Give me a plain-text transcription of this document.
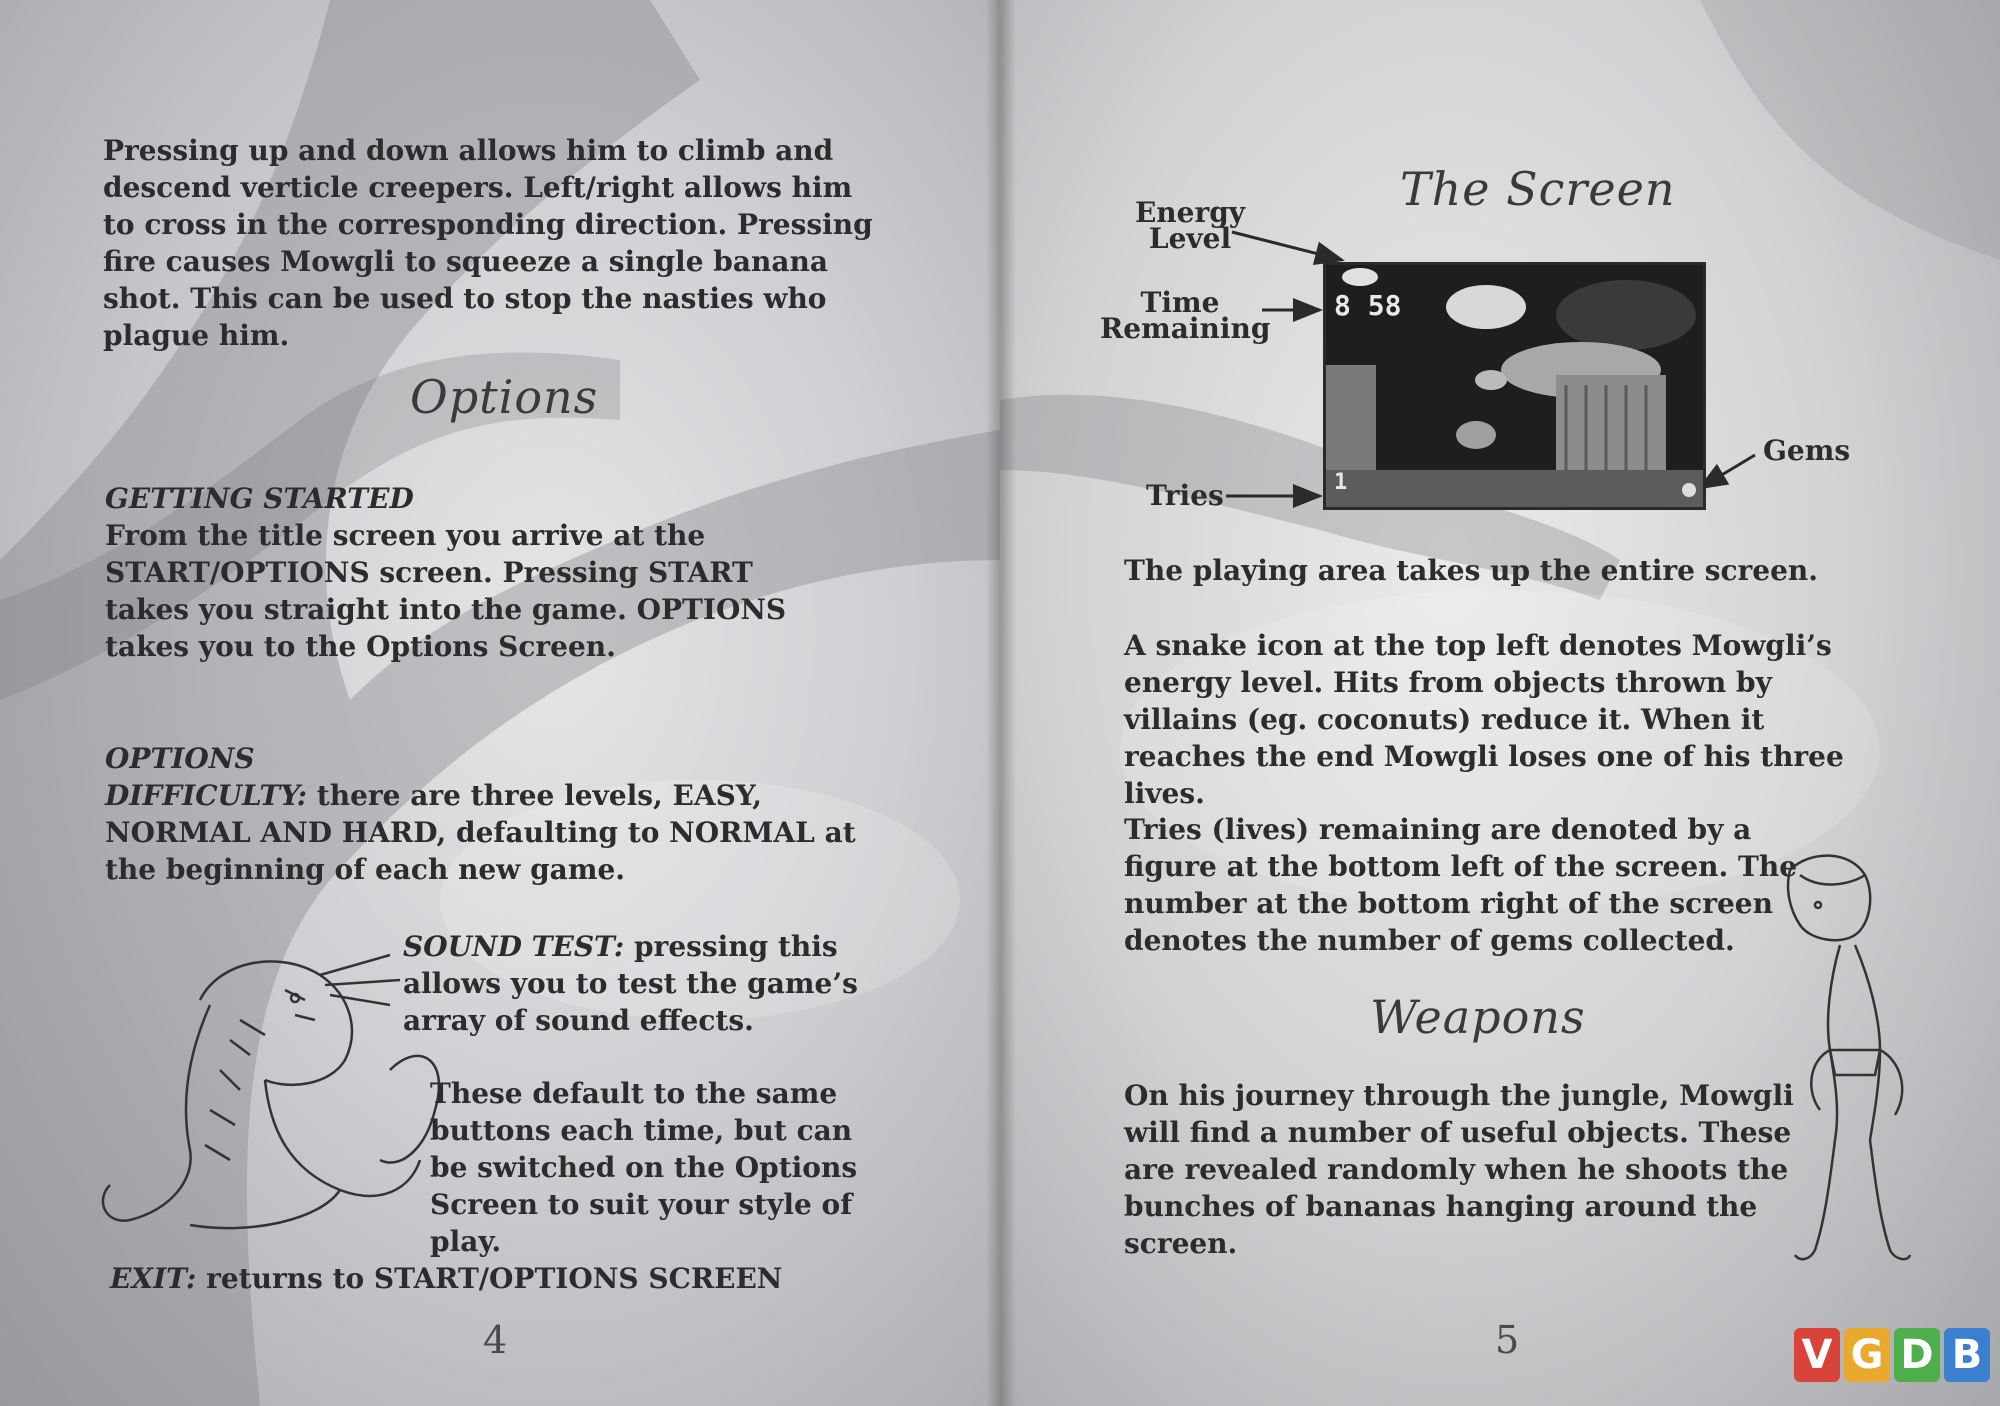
Pressing up and down allows him to climb and descend verticle creepers. Left/right allows him to cross in the corresponding direction. Pressing fire causes Mowgli to squeeze a single banana shot. This can be used to stop the nasties who plague him.

Options
GETTING STARTED
From the title screen you arrive at the START/OPTIONS screen. Pressing START takes you straight into the game. OPTIONS takes you to the Options Screen.
OPTIONS
DIFFICULTY: there are three levels, EASY, NORMAL AND HARD, defaulting to NORMAL at the beginning of each new game.
SOUND TEST: pressing this allows you to test the game’s array of sound effects.

These default to the same buttons each time, but can be switched on the Options Screen to suit your style of play.

EXIT: returns to START/OPTIONS SCREEN
4
The Screen
Energy Level
Time Remaining
Tries
Gems
8 58
1

The playing area takes up the entire screen.

A snake icon at the top left denotes Mowgli’s energy level. Hits from objects thrown by villains (eg. coconuts) reduce it. When it reaches the end Mowgli loses one of his three lives.

Tries (lives) remaining are denoted by a figure at the bottom left of the screen. The number at the bottom right of the screen denotes the number of gems collected.

Weapons

On his journey through the jungle, Mowgli will find a number of useful objects. These are revealed randomly when he shoots the bunches of bananas hanging around the screen.

5	V G D B
